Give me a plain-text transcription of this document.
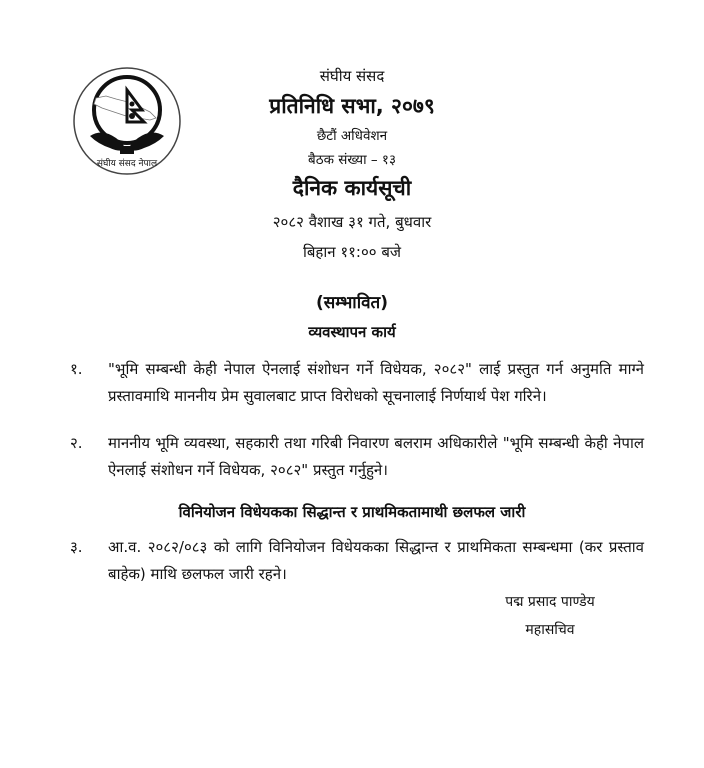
संघीय संसद नेपाल
संघीय संसद
प्रतिनिधि सभा, २०७९
छैटौं अधिवेशन
बैठक संख्या – १३
दैनिक कार्यसूची
२०८२ वैशाख ३१ गते, बुधवार
बिहान ११:०० बजे
(सम्भावित)
व्यवस्थापन कार्य
१.	"भूमि सम्बन्धी केही नेपाल ऐनलाई संशोधन गर्ने विधेयक, २०८२" लाई प्रस्तुत गर्न अनुमति माग्ने प्रस्तावमाथि माननीय प्रेम सुवालबाट प्राप्त विरोधको सूचनालाई निर्णयार्थ पेश गरिने।
२.	माननीय भूमि व्यवस्था, सहकारी तथा गरिबी निवारण बलराम अधिकारीले "भूमि सम्बन्धी केही नेपाल ऐनलाई संशोधन गर्ने विधेयक, २०८२" प्रस्तुत गर्नुहुने।
विनियोजन विधेयकका सिद्धान्त र प्राथमिकतामाथी छलफल जारी
३.	आ.व. २०८२/०८३ को लागि विनियोजन विधेयकका सिद्धान्त र प्राथमिकता सम्बन्धमा (कर प्रस्ताव बाहेक) माथि छलफल जारी रहने।
पद्म प्रसाद पाण्डेय
महासचिव
